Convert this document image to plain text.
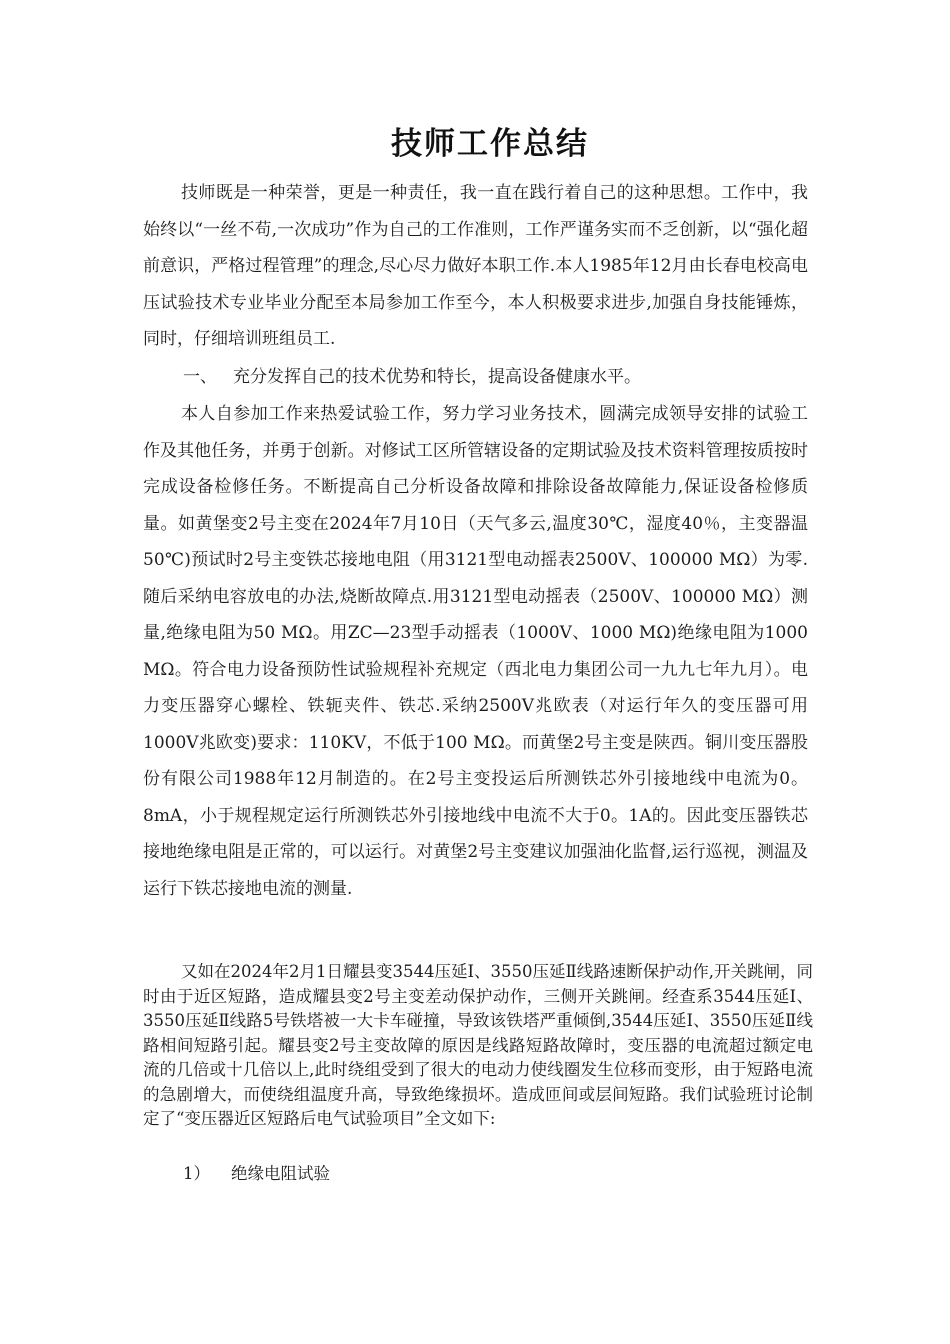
技师工作总结

技师既是一种荣誉，更是一种责任，我一直在践行着自己的这种思想。工作中，我始终以“一丝不苟,一次成功”作为自己的工作准则，工作严谨务实而不乏创新，以“强化超前意识，严格过程管理”的理念,尽心尽力做好本职工作.本人1985年12月由长春电校高电压试验技术专业毕业分配至本局参加工作至今，本人积极要求进步,加强自身技能锤炼，同时，仔细培训班组员工.

一、 充分发挥自己的技术优势和特长，提高设备健康水平。

本人自参加工作来热爱试验工作，努力学习业务技术，圆满完成领导安排的试验工作及其他任务，并勇于创新。对修试工区所管辖设备的定期试验及技术资料管理按质按时完成设备检修任务。不断提高自己分析设备故障和排除设备故障能力,保证设备检修质量。如黄堡变2号主变在2024年7月10日（天气多云,温度30℃，湿度40％，主变器温50℃)预试时2号主变铁芯接地电阻（用3121型电动摇表2500V、100000 MΩ）为零.随后采纳电容放电的办法,烧断故障点.用3121型电动摇表（2500V、100000 MΩ）测量,绝缘电阻为50 MΩ。用ZC—23型手动摇表（1000V、1000 MΩ)绝缘电阻为1000 MΩ。符合电力设备预防性试验规程补充规定（西北电力集团公司一九九七年九月）。电力变压器穿心螺栓、铁轭夹件、铁芯.采纳2500V兆欧表（对运行年久的变压器可用1000V兆欧变)要求：110KV，不低于100 MΩ。而黄堡2号主变是陕西。铜川变压器股份有限公司1988年12月制造的。在2号主变投运后所测铁芯外引接地线中电流为0。8mA，小于规程规定运行所测铁芯外引接地线中电流不大于0。1A的。因此变压器铁芯接地绝缘电阻是正常的，可以运行。对黄堡2号主变建议加强油化监督,运行巡视，测温及运行下铁芯接地电流的测量.

又如在2024年2月1日耀县变3544压延Ⅰ、3550压延Ⅱ线路速断保护动作,开关跳闸，同时由于近区短路，造成耀县变2号主变差动保护动作，三侧开关跳闸。经查系3544压延Ⅰ、3550压延Ⅱ线路5号铁塔被一大卡车碰撞，导致该铁塔严重倾倒,3544压延Ⅰ、3550压延Ⅱ线路相间短路引起。耀县变2号主变故障的原因是线路短路故障时，变压器的电流超过额定电流的几倍或十几倍以上,此时绕组受到了很大的电动力使线圈发生位移而变形，由于短路电流的急剧增大，而使绕组温度升高，导致绝缘损坏。造成匝间或层间短路。我们试验班讨论制定了“变压器近区短路后电气试验项目”全文如下:

1） 绝缘电阻试验
